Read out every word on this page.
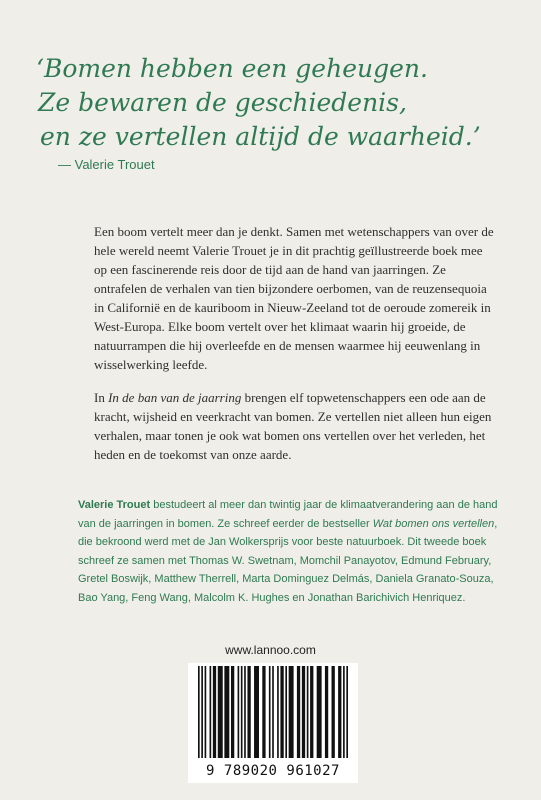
‘Bomen hebben een geheugen.
Ze bewaren de geschiedenis,
en ze vertellen altijd de waarheid.’
— Valerie Trouet

Een boom vertelt meer dan je denkt. Samen met wetenschappers van over de hele wereld neemt Valerie Trouet je in dit prachtig geïllustreerde boek mee op een fascinerende reis door de tijd aan de hand van jaarringen. Ze ontrafelen de verhalen van tien bijzondere oerbomen, van de reuzensequoia in Californië en de kauriboom in Nieuw-Zeeland tot de oeroude zomereik in West-Europa. Elke boom vertelt over het klimaat waarin hij groeide, de natuurrampen die hij overleefde en de mensen waarmee hij eeuwenlang in wisselwerking leefde.

In In de ban van de jaarring brengen elf topwetenschappers een ode aan de kracht, wijsheid en veerkracht van bomen. Ze vertellen niet alleen hun eigen verhalen, maar tonen je ook wat bomen ons vertellen over het verleden, het heden en de toekomst van onze aarde.

Valerie Trouet bestudeert al meer dan twintig jaar de klimaatverandering aan de hand van de jaarringen in bomen. Ze schreef eerder de bestseller Wat bomen ons vertellen, die bekroond werd met de Jan Wolkersprijs voor beste natuurboek. Dit tweede boek schreef ze samen met Thomas W. Swetnam, Momchil Panayotov, Edmund February, Gretel Boswijk, Matthew Therrell, Marta Dominguez Delmás, Daniela Granato-Souza, Bao Yang, Feng Wang, Malcolm K. Hughes en Jonathan Barichivich Henriquez.

www.lannoo.com
9 789020 961027
